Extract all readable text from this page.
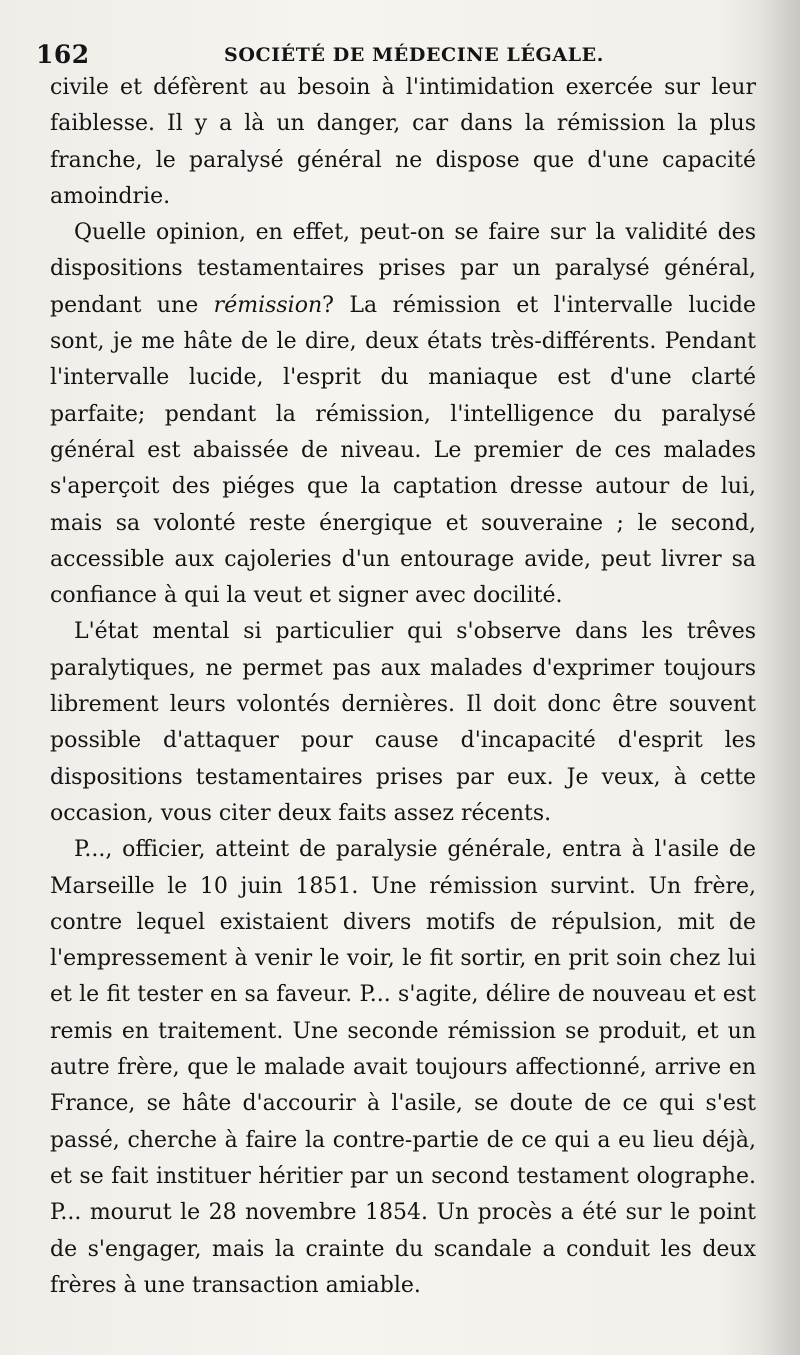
162	SOCIÉTÉ DE MÉDECINE LÉGALE.

civile et défèrent au besoin à l'intimidation exercée sur leur faiblesse. Il y a là un danger, car dans la rémission la plus franche, le paralysé général ne dispose que d'une capacité amoindrie.

Quelle opinion, en effet, peut-on se faire sur la validité des dispositions testamentaires prises par un paralysé général, pendant une rémission? La rémission et l'intervalle lucide sont, je me hâte de le dire, deux états très-différents. Pendant l'intervalle lucide, l'esprit du maniaque est d'une clarté parfaite; pendant la rémission, l'intelligence du paralysé général est abaissée de niveau. Le premier de ces malades s'aperçoit des piéges que la captation dresse autour de lui, mais sa volonté reste énergique et souveraine ; le second, accessible aux cajoleries d'un entourage avide, peut livrer sa confiance à qui la veut et signer avec docilité.

L'état mental si particulier qui s'observe dans les trêves paralytiques, ne permet pas aux malades d'exprimer toujours librement leurs volontés dernières. Il doit donc être souvent possible d'attaquer pour cause d'incapacité d'esprit les dispositions testamentaires prises par eux. Je veux, à cette occasion, vous citer deux faits assez récents.

P..., officier, atteint de paralysie générale, entra à l'asile de Marseille le 10 juin 1851. Une rémission survint. Un frère, contre lequel existaient divers motifs de répulsion, mit de l'empressement à venir le voir, le fit sortir, en prit soin chez lui et le fit tester en sa faveur. P... s'agite, délire de nouveau et est remis en traitement. Une seconde rémission se produit, et un autre frère, que le malade avait toujours affectionné, arrive en France, se hâte d'accourir à l'asile, se doute de ce qui s'est passé, cherche à faire la contre-partie de ce qui a eu lieu déjà, et se fait instituer héritier par un second testament olographe. P... mourut le 28 novembre 1854. Un procès a été sur le point de s'engager, mais la crainte du scandale a conduit les deux frères à une transaction amiable.
